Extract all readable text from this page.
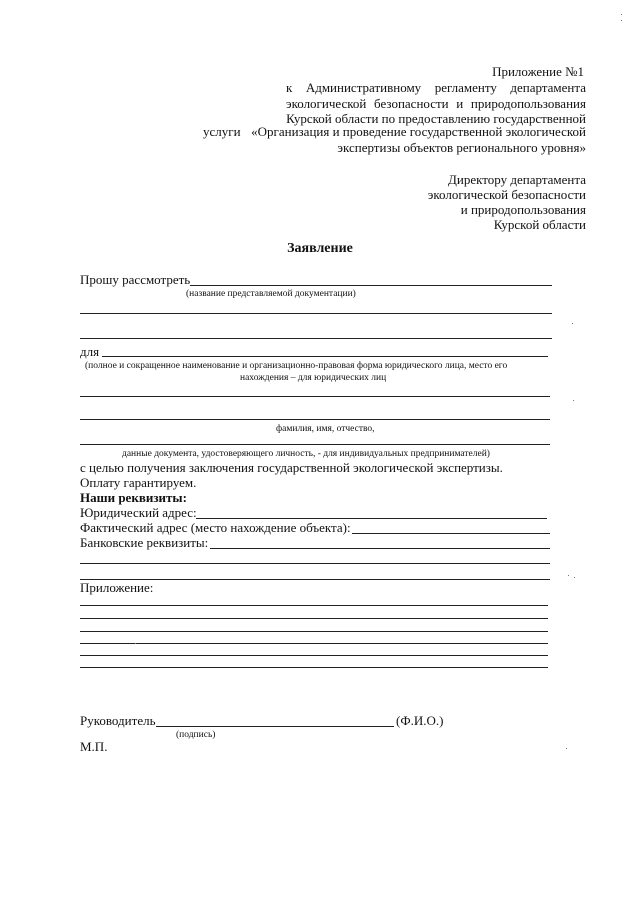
Приложение №1
к Административному регламенту департамента
экологической безопасности и природопользования
Курской области по предоставлению государственной
услуги «Организация и проведение государственной экологической
экспертизы объектов регионального уровня»
Директору департамента
экологической безопасности
и природопользования
Курской области
Заявление
Прошу рассмотреть
(название представляемой документации)
для
(полное и сокращенное наименование и организационно-правовая форма юридического лица, место его
нахождения – для юридических лиц
фамилия, имя, отчество,
данные документа, удостоверяющего личность, - для индивидуальных предпринимателей)
с целью получения заключения государственной экологической экспертизы.
Оплату гарантируем.
Наши реквизиты:
Юридический адрес:
Фактический адрес (место нахождение объекта):
Банковские реквизиты:
Приложение:
Руководитель	(Ф.И.О.)
(подпись)
М.П.
